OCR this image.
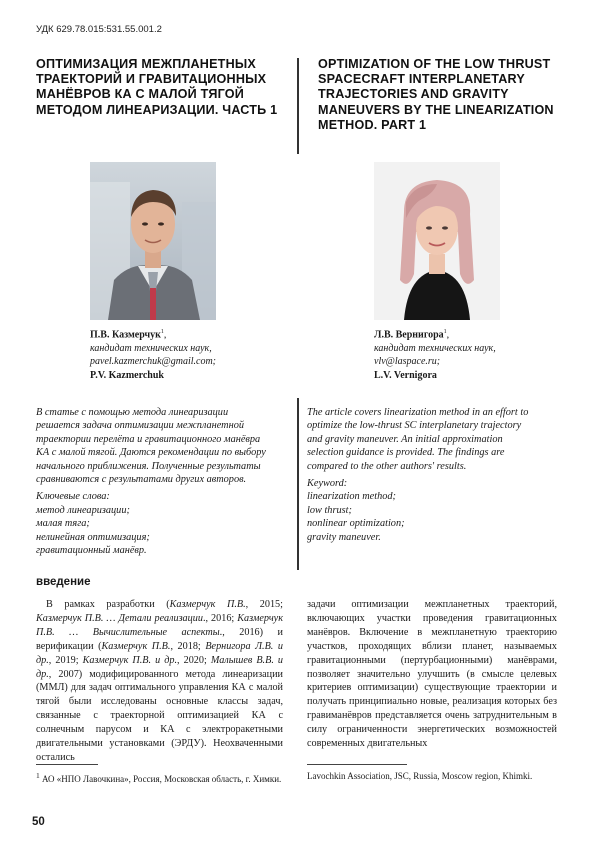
УДК 629.78.015:531.55.001.2
ОПТИМИЗАЦИЯ МЕЖПЛАНЕТНЫХ ТРАЕКТОРИЙ И ГРАВИТАЦИОННЫХ МАНЁВРОВ КА С МАЛОЙ ТЯГОЙ МЕТОДОМ ЛИНЕАРИЗАЦИИ. ЧАСТЬ 1
OPTIMIZATION OF THE LOW THRUST SPACECRAFT INTERPLANETARY TRAJECTORIES AND GRAVITY MANEUVERS BY THE LINEARIZATION METHOD. PART 1
П.В. Казмерчук$^1$,
кандидат технических наук,
pavel.kazmerchuk@gmail.com;
P.V. Kazmerchuk
Л.В. Вернигора$^1$,
кандидат технических наук,
vlv@laspace.ru;
L.V. Vernigora
В статье с помощью метода линеаризации решается задача оптимизации межпланетной траектории перелёта и гравитационного манёвра КА с малой тягой. Даются рекомендации по выбору начального приближения. Полученные результаты сравниваются с результатами других авторов.
Ключевые слова:
метод линеаризации;
малая тяга;
нелинейная оптимизация;
гравитационный манёвр.
The article covers linearization method in an effort to optimize the low-thrust SC interplanetary trajectory and gravity maneuver. An initial approximation selection guidance is provided. The findings are compared to the other authors' results.
Keyword:
linearization method;
low thrust;
nonlinear optimization;
gravity maneuver.
введение
В рамках разработки (Казмерчук П.В., 2015; Казмерчук П.В. … Детали реализации., 2016; Казмерчук П.В. … Вычислительные аспекты., 2016) и верификации (Казмерчук П.В., 2018; Вернигора Л.В. и др., 2019; Казмерчук П.В. и др., 2020; Малышев В.В. и др., 2007) модифицированного метода линеаризации (ММЛ) для задач оптимального управления КА с малой тягой были исследованы основные классы задач, связанные с траекторной оптимизацией КА с солнечным парусом и КА с электроракетными двигательными установками (ЭРДУ). Неохваченными остались
задачи оптимизации межпланетных траекторий, включающих участки проведения гравитационных манёвров. Включение в межпланетную траекторию участков, проходящих вблизи планет, называемых гравитационными (пертурбационными) манёврами, позволяет значительно улучшить (в смысле целевых критериев оптимизации) существующие траектории и получать принципиально новые, реализация которых без гравиманёвров представляется очень затруднительным в силу ограниченности энергетических возможностей современных двигательных
$^1$ АО «НПО Лавочкина», Россия, Московская область, г. Химки.	Lavochkin Association, JSC, Russia, Moscow region, Khimki.
50
